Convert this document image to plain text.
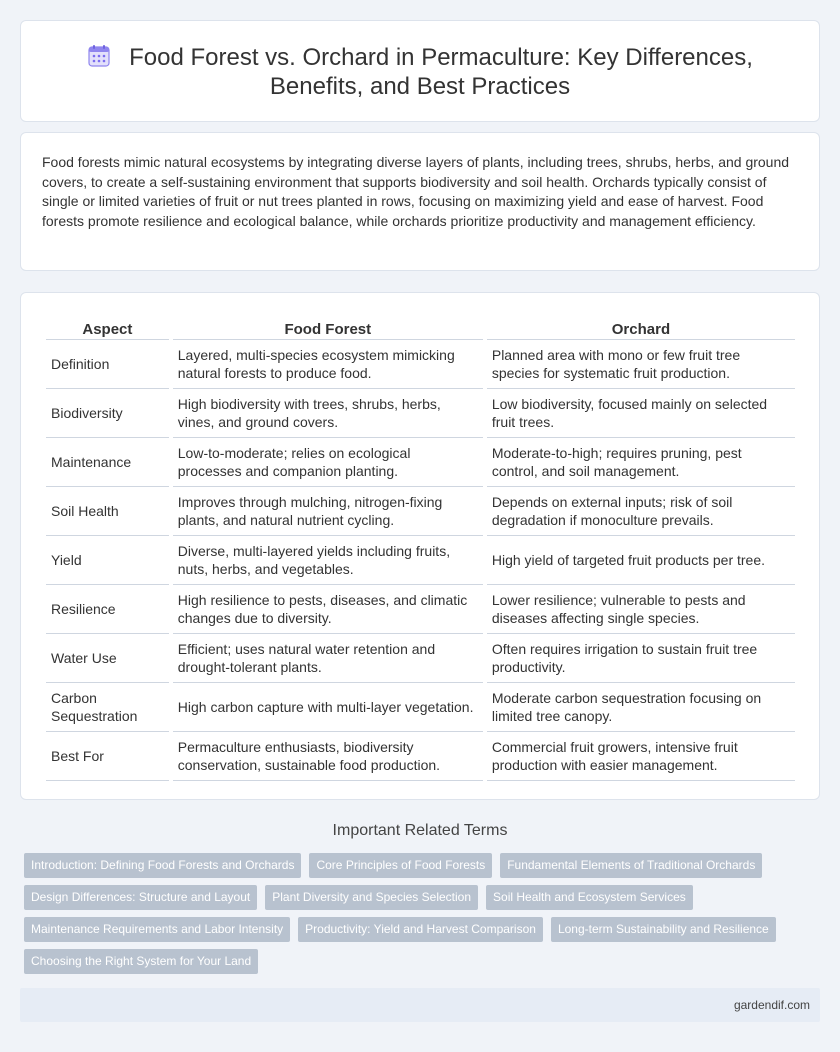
Food Forest vs. Orchard in Permaculture: Key Differences,
Benefits, and Best Practices

Food forests mimic natural ecosystems by integrating diverse layers of plants, including trees, shrubs, herbs, and ground covers, to create a self-sustaining environment that supports biodiversity and soil health. Orchards typically consist of single or limited varieties of fruit or nut trees planted in rows, focusing on maximizing yield and ease of harvest. Food forests promote resilience and ecological balance, while orchards prioritize productivity and management efficiency.

Aspect	Food Forest	Orchard
Definition	Layered, multi-species ecosystem mimicking natural forests to produce food.	Planned area with mono or few fruit tree species for systematic fruit production.
Biodiversity	High biodiversity with trees, shrubs, herbs, vines, and ground covers.	Low biodiversity, focused mainly on selected fruit trees.
Maintenance	Low-to-moderate; relies on ecological processes and companion planting.	Moderate-to-high; requires pruning, pest control, and soil management.
Soil Health	Improves through mulching, nitrogen-fixing plants, and natural nutrient cycling.	Depends on external inputs; risk of soil degradation if monoculture prevails.
Yield	Diverse, multi-layered yields including fruits, nuts, herbs, and vegetables.	High yield of targeted fruit products per tree.
Resilience	High resilience to pests, diseases, and climatic changes due to diversity.	Lower resilience; vulnerable to pests and diseases affecting single species.
Water Use	Efficient; uses natural water retention and drought-tolerant plants.	Often requires irrigation to sustain fruit tree productivity.
Carbon Sequestration	High carbon capture with multi-layer vegetation.	Moderate carbon sequestration focusing on limited tree canopy.
Best For	Permaculture enthusiasts, biodiversity conservation, sustainable food production.	Commercial fruit growers, intensive fruit production with easier management.
Important Related Terms
Introduction: Defining Food Forests and Orchards	Core Principles of Food Forests	Fundamental Elements of Traditional Orchards
Design Differences: Structure and Layout	Plant Diversity and Species Selection	Soil Health and Ecosystem Services
Maintenance Requirements and Labor Intensity	Productivity: Yield and Harvest Comparison	Long-term Sustainability and Resilience
Choosing the Right System for Your Land
gardendif.com
